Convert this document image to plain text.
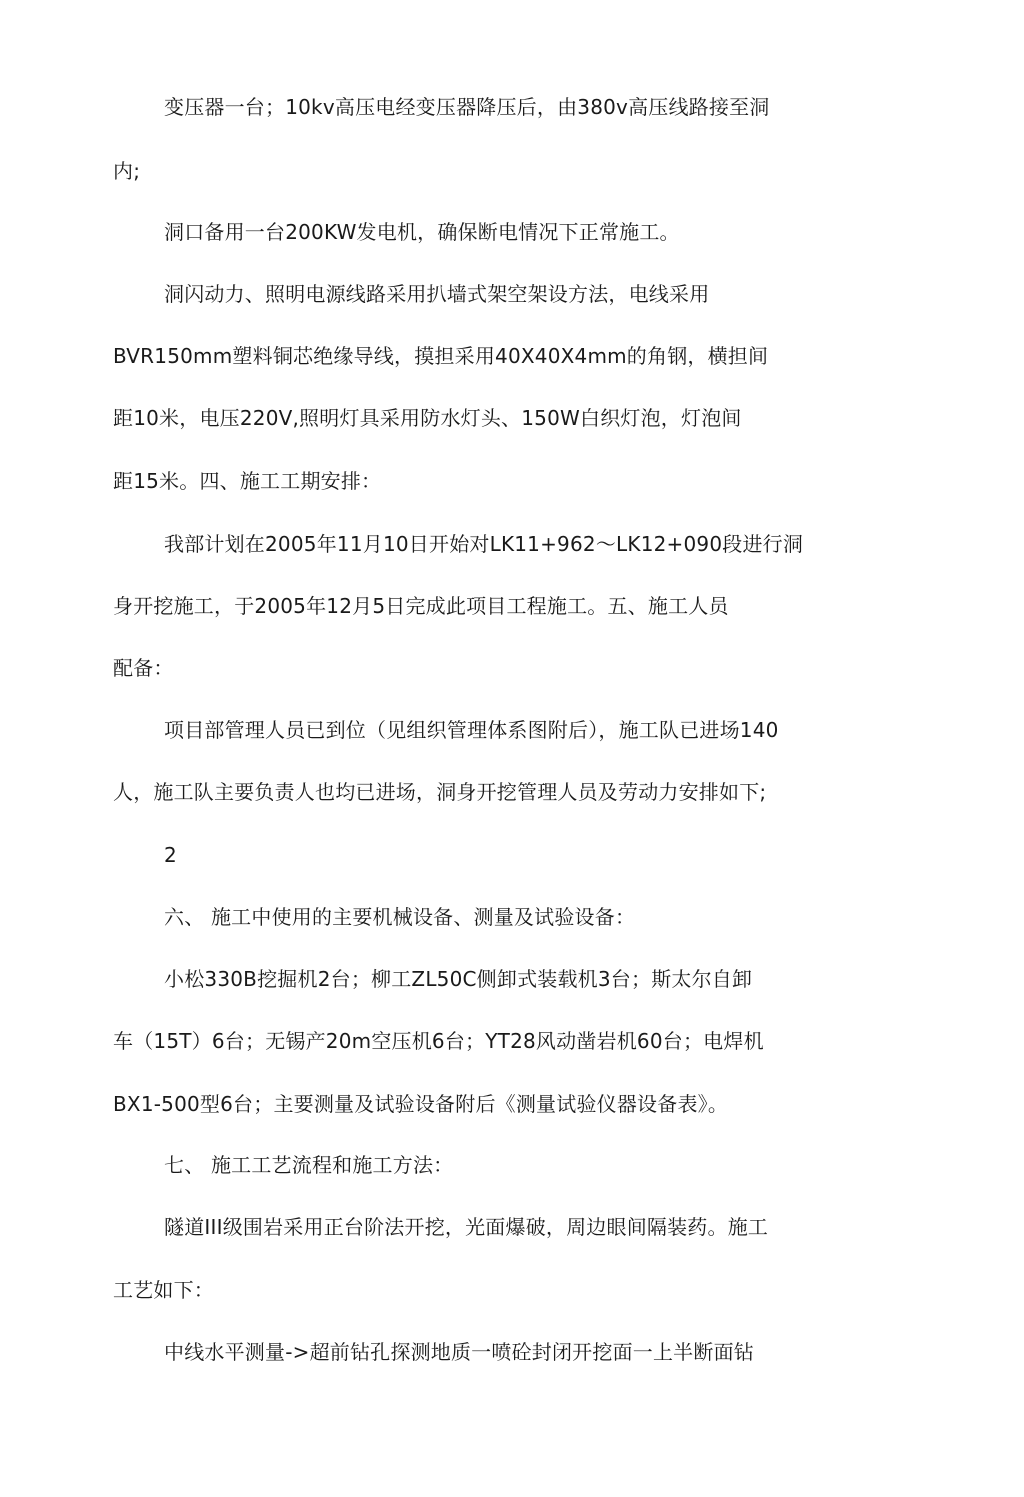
变压器一台；10kv高压电经变压器降压后，由380v高压线路接至洞
内;
洞口备用一台200KW发电机，确保断电情况下正常施工。
洞闪动力、照明电源线路采用扒墙式架空架设方法，电线采用
BVR150mm塑料铜芯绝缘导线，摸担采用40X40X4mm的角钢，横担间
距10米，电压220V,照明灯具采用防水灯头、150W白织灯泡，灯泡间
距15米。四、施工工期安排：
我部计划在2005年11月10日开始对LK11+962～LK12+090段进行洞
身开挖施工，于2005年12月5日完成此项目工程施工。五、施工人员
配备：
项目部管理人员已到位（见组织管理体系图附后），施工队已进场140
人，施工队主要负责人也均已进场，洞身开挖管理人员及劳动力安排如下;
2
六、 施工中使用的主要机械设备、测量及试验设备：
小松330B挖掘机2台；柳工ZL50C侧卸式装载机3台；斯太尔自卸
车（15T）6台；无锡产20m空压机6台；YT28风动凿岩机60台；电焊机
BX1-500型6台；主要测量及试验设备附后《测量试验仪器设备表》。
七、 施工工艺流程和施工方法：
隧道III级围岩采用正台阶法开挖，光面爆破，周边眼间隔装药。施工
工艺如下：
中线水平测量->超前钻孔探测地质一喷砼封闭开挖面一上半断面钻
